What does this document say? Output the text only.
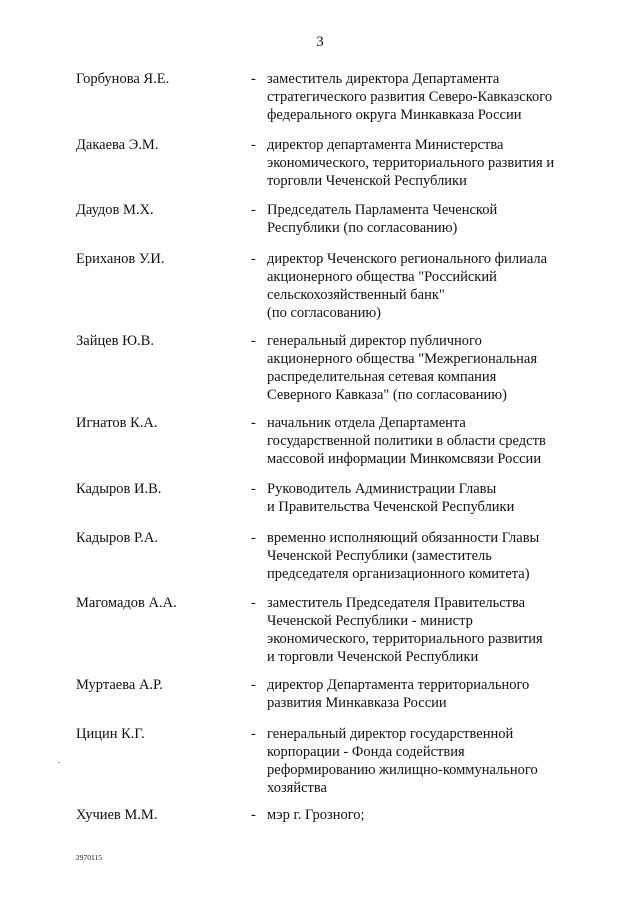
3
Горбунова Я.Е.	- заместитель директора Департамента
стратегического развития Северо-Кавказского
федерального округа Минкавказа России
Дакаева Э.М.	- директор департамента Министерства
экономического, территориального развития и
торговли Чеченской Республики
Даудов М.Х.	- Председатель Парламента Чеченской
Республики (по согласованию)
Ериханов У.И.	- директор Чеченского регионального филиала
акционерного общества "Российский
сельскохозяйственный банк"
(по согласованию)
Зайцев Ю.В.	- генеральный директор публичного
акционерного общества "Межрегиональная
распределительная сетевая компания
Северного Кавказа" (по согласованию)
Игнатов К.А.	- начальник отдела Департамента
государственной политики в области средств
массовой информации Минкомсвязи России
Кадыров И.В.	- Руководитель Администрации Главы
и Правительства Чеченской Республики
Кадыров Р.А.	- временно исполняющий обязанности Главы
Чеченской Республики (заместитель
председателя организационного комитета)
Магомадов А.А.	- заместитель Председателя Правительства
Чеченской Республики - министр
экономического, территориального развития
и торговли Чеченской Республики
Муртаева А.Р.	- директор Департамента территориального
развития Минкавказа России
Цицин К.Г.	- генеральный директор государственной
корпорации - Фонда содействия
реформированию жилищно-коммунального
хозяйства
Хучиев М.М.	- мэр г. Грозного;
2970115
